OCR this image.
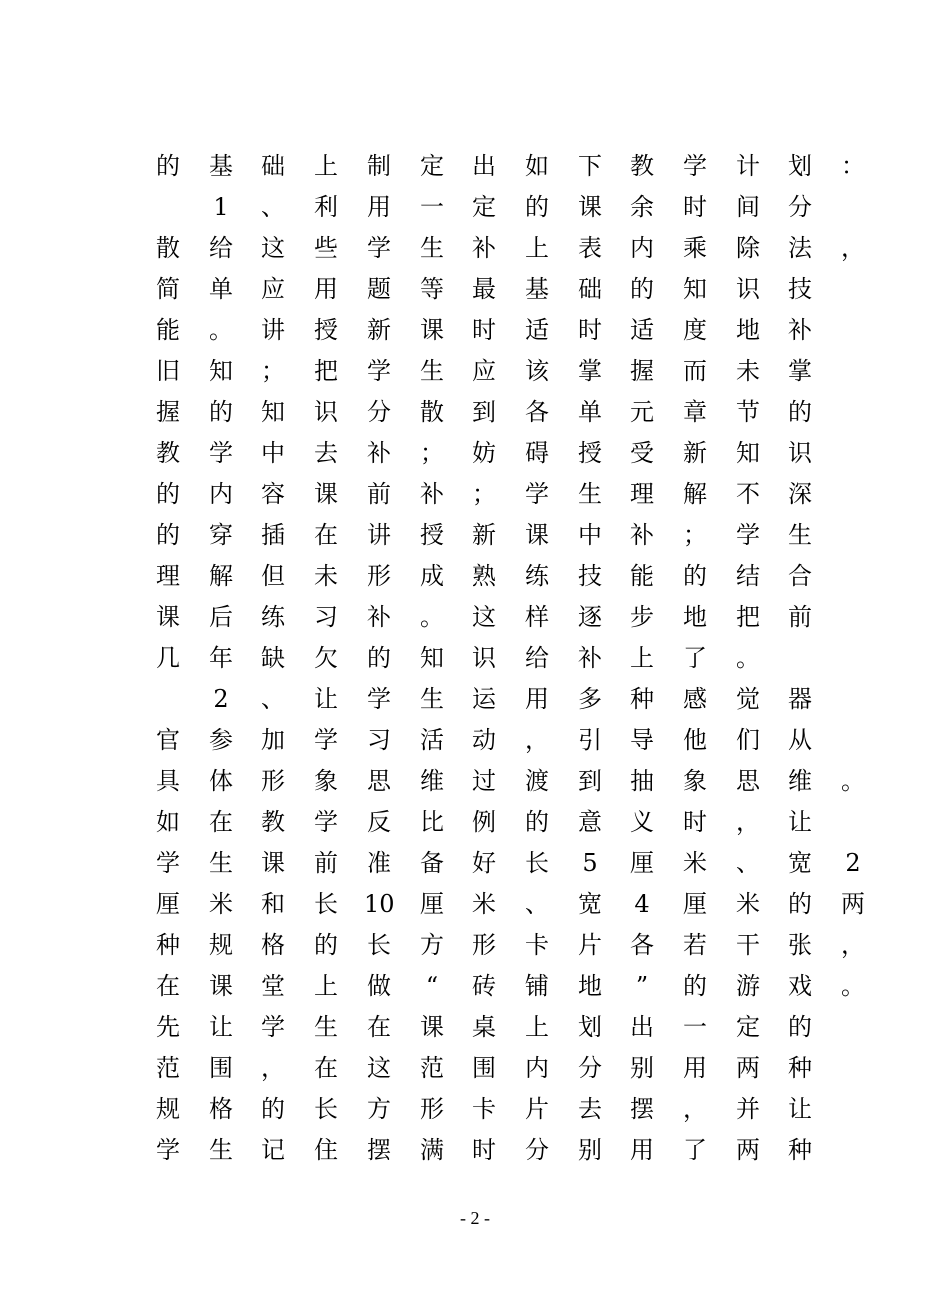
的 基 础 上 制 定 出 如 下 教 学 计 划 ：
1	、 利 用 一 定 的 课 余 时 间 分
散 给 这 些 学 生 补 上 表 内 乘 除 法 ，
简 单 应 用 题 等 最 基 础 的 知 识 技
能 。 讲 授 新 课 时 适 时 适 度 地 补
旧 知 ； 把 学 生 应 该 掌 握 而 未 掌
握 的 知 识 分 散 到 各 单 元 章 节 的
教 学 中 去 补 ； 妨 碍 授 受 新 知 识
的 内 容 课 前 补 ； 学 生 理 解 不 深
的 穿 插 在 讲 授 新 课 中 补 ； 学 生
理 解 但 未 形 成 熟 练 技 能 的 结 合
课 后 练 习 补 。 这 样 逐 步 地 把 前
几 年 缺 欠 的 知 识 给 补 上 了 。
2	、 让 学 生 运 用 多 种 感 觉 器
官 参 加 学 习 活 动 ， 引 导 他 们 从
具 体 形 象 思 维 过 渡 到 抽 象 思 维 。
如 在 教 学 反 比 例 的 意 义 时 ， 让
学 生 课 前 准 备 好 长	5	厘 米 、 宽	2
厘 米 和 长 10 厘 米 、 宽	4	厘 米 的 两
种 规 格 的 长 方 形 卡 片 各 若 干 张 ，
在 课 堂 上 做	“	砖 铺 地	”	的 游 戏 。
先 让 学 生 在 课 桌 上 划 出 一 定 的
范 围 ， 在 这 范 围 内 分 别 用 两 种
规 格 的 长 方 形 卡 片 去 摆 ， 并 让
学 生 记 住 摆 满 时 分 别 用 了 两 种
- 2 -
